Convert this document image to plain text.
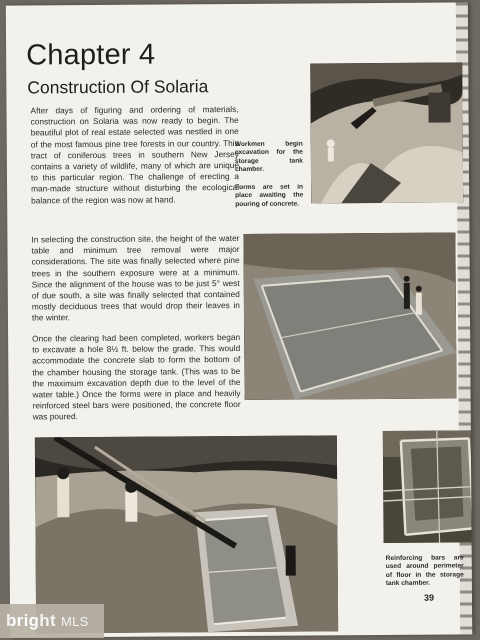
Chapter 4
Construction Of Solaria

After days of figuring and ordering of materials, construction on Solaria was now ready to begin. The beautiful plot of real estate selected was nestled in one of the most famous pine tree forests in our country. This tract of coniferous trees in southern New Jersey contains a variety of wildlife, many of which are unique to this particular region. The challenge of erecting a man-made structure without disturbing the ecological balance of the region was now at hand.

In selecting the construction site, the height of the water table and minimum tree removal were major considerations. The site was finally selected where pine trees in the southern exposure were at a minimum. Since the alignment of the house was to be just 5° west of due south, a site was finally selected that contained mostly deciduous trees that would drop their leaves in the winter.

Once the clearing had been completed, workers began to excavate a hole 8½ ft. below the grade. This would accommodate the concrete slab to form the bottom of the chamber housing the storage tank. (This was to be the maximum excavation depth due to the level of the water table.) Once the forms were in place and heavily reinforced steel bars were positioned, the concrete floor was poured.

Workmen begin excavation for the storage tank chamber.

Forms are set in place awaiting the pouring of concrete.

Reinforcing bars are used around perimeter of floor in the storage tank chamber.

39
bright MLS
